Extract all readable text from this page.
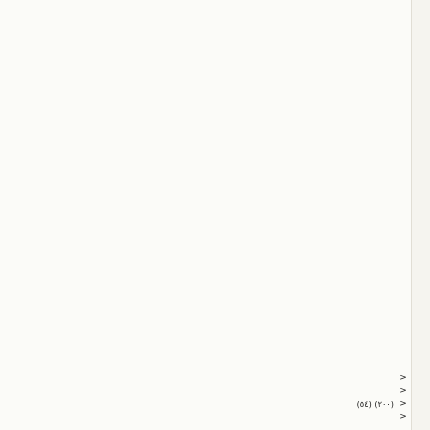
<
<
<
(٢٠٠) (٥٤)
<
